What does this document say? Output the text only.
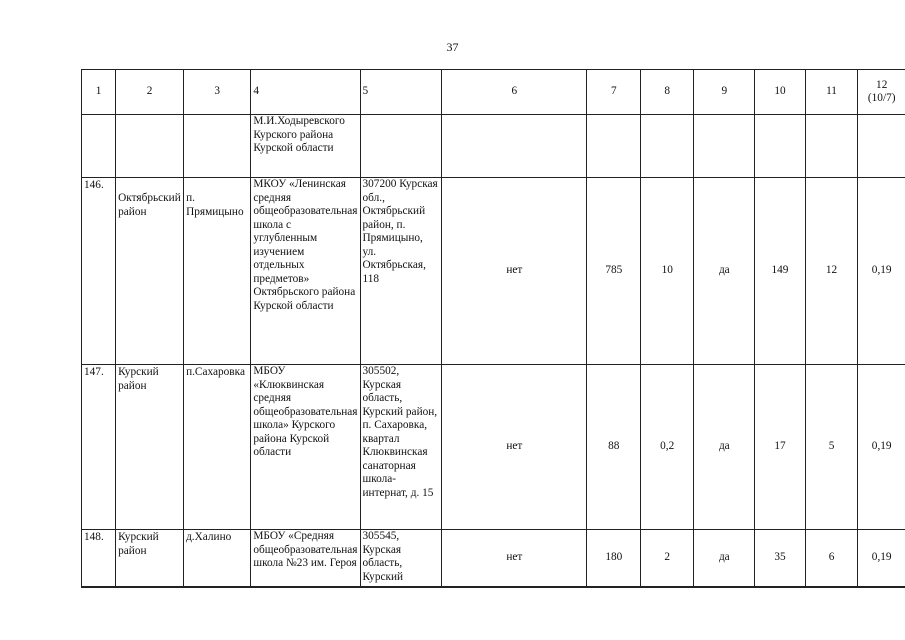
37
1	2	3	4	5	6	7	8	9	10	11	12
(10/7)
			М.И.Ходыревского Курского района Курской области								
146.	Октябрьский район	п. Прямицыно	МКОУ «Ленинская средняя общеобразовательная школа с углубленным изучением отдельных предметов» Октябрьского района Курской области	307200 Курская обл., Октябрьский район, п. Прямицыно, ул. Октябрьская, 118	нет	785	10	да	149	12	0,19
147.	Курский район	п.Сахаровка	МБОУ «Клюквинская средняя общеобразовательная школа» Курского района Курской области	305502, Курская область, Курский район, п. Сахаровка, квартал Клюквинская санаторная школа-интернат, д. 15	нет	88	0,2	да	17	5	0,19
148.	Курский район	д.Халино	МБОУ «Средняя общеобразовательная школа №23 им. Героя	305545, Курская область, Курский	нет	180	2	да	35	6	0,19
